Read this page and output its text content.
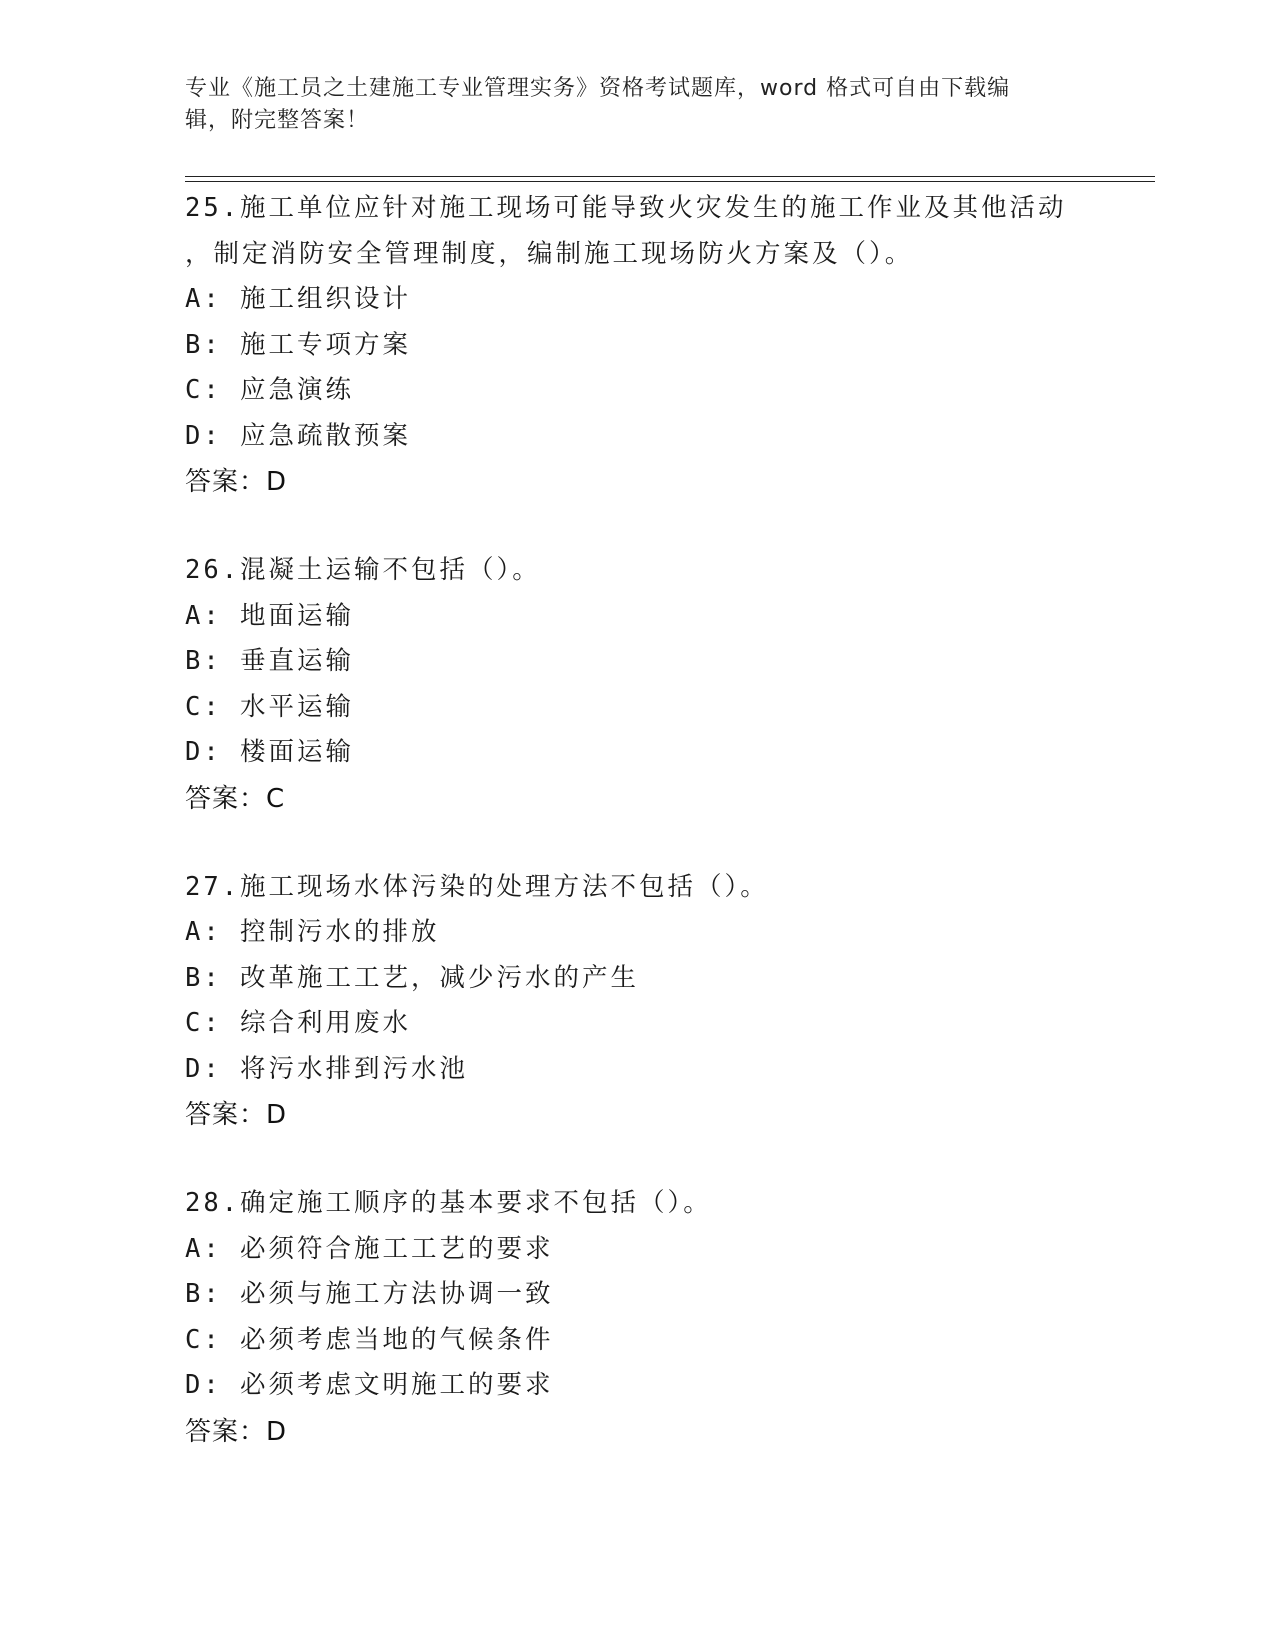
专业《施工员之土建施工专业管理实务》资格考试题库，word 格式可自由下载编
辑，附完整答案！
25.施工单位应针对施工现场可能导致火灾发生的施工作业及其他活动
，制定消防安全管理制度，编制施工现场防火方案及（）。
A: 施工组织设计
B: 施工专项方案
C: 应急演练
D: 应急疏散预案
答案：D
26.混凝土运输不包括（）。
A: 地面运输
B: 垂直运输
C: 水平运输
D: 楼面运输
答案：C
27.施工现场水体污染的处理方法不包括（）。
A: 控制污水的排放
B: 改革施工工艺，减少污水的产生
C: 综合利用废水
D: 将污水排到污水池
答案：D
28.确定施工顺序的基本要求不包括（）。
A: 必须符合施工工艺的要求
B: 必须与施工方法协调一致
C: 必须考虑当地的气候条件
D: 必须考虑文明施工的要求
答案：D
